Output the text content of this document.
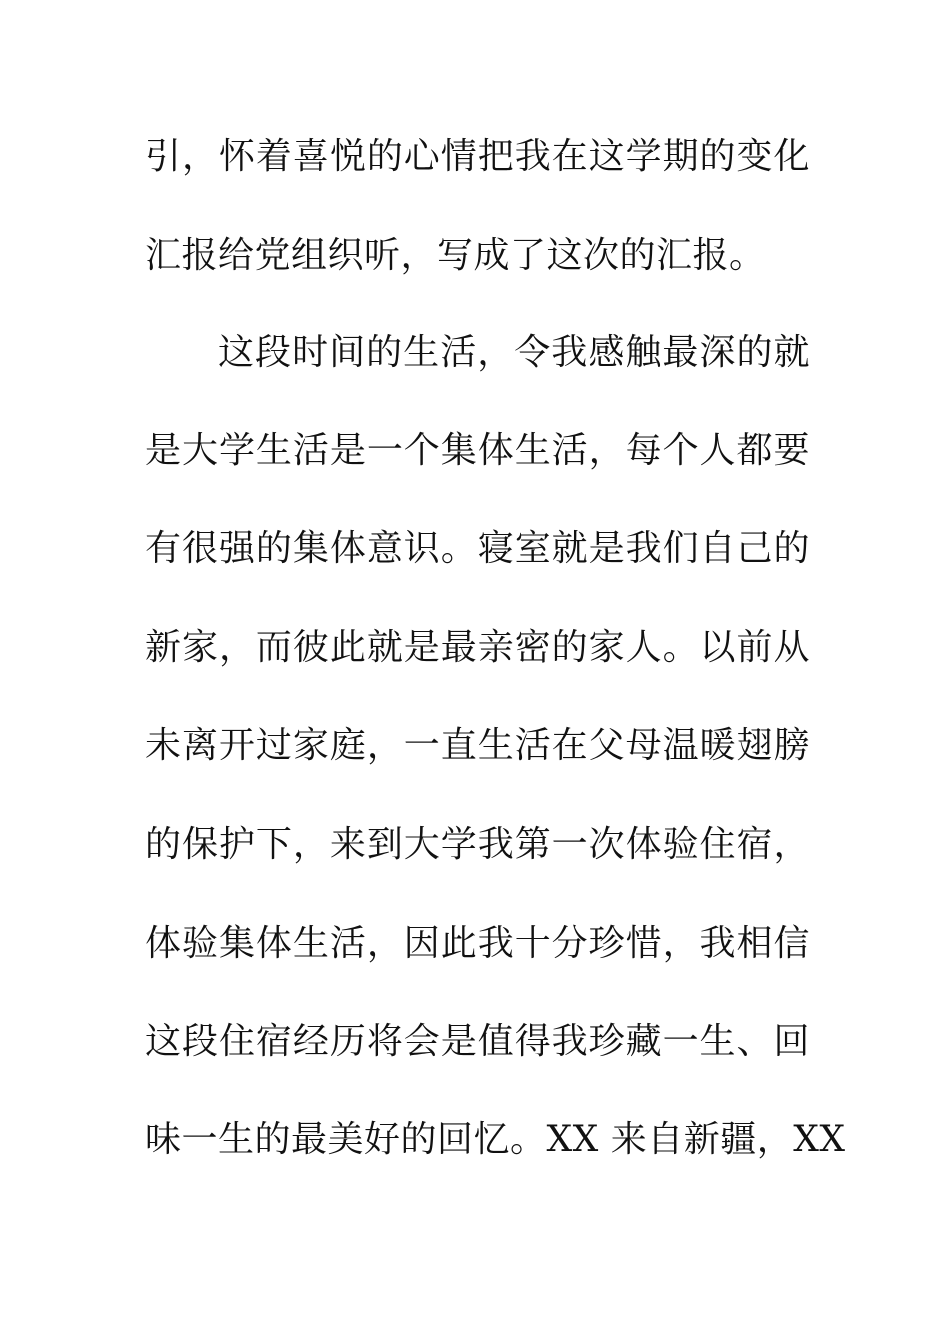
引，怀着喜悦的心情把我在这学期的变化
汇报给党组织听，写成了这次的汇报。
这段时间的生活，令我感触最深的就
是大学生活是一个集体生活，每个人都要
有很强的集体意识。寝室就是我们自己的
新家，而彼此就是最亲密的家人。以前从
未离开过家庭，一直生活在父母温暖翅膀
的保护下，来到大学我第一次体验住宿，
体验集体生活，因此我十分珍惜，我相信
这段住宿经历将会是值得我珍藏一生、回
味一生的最美好的回忆。XX 来自新疆，XX
